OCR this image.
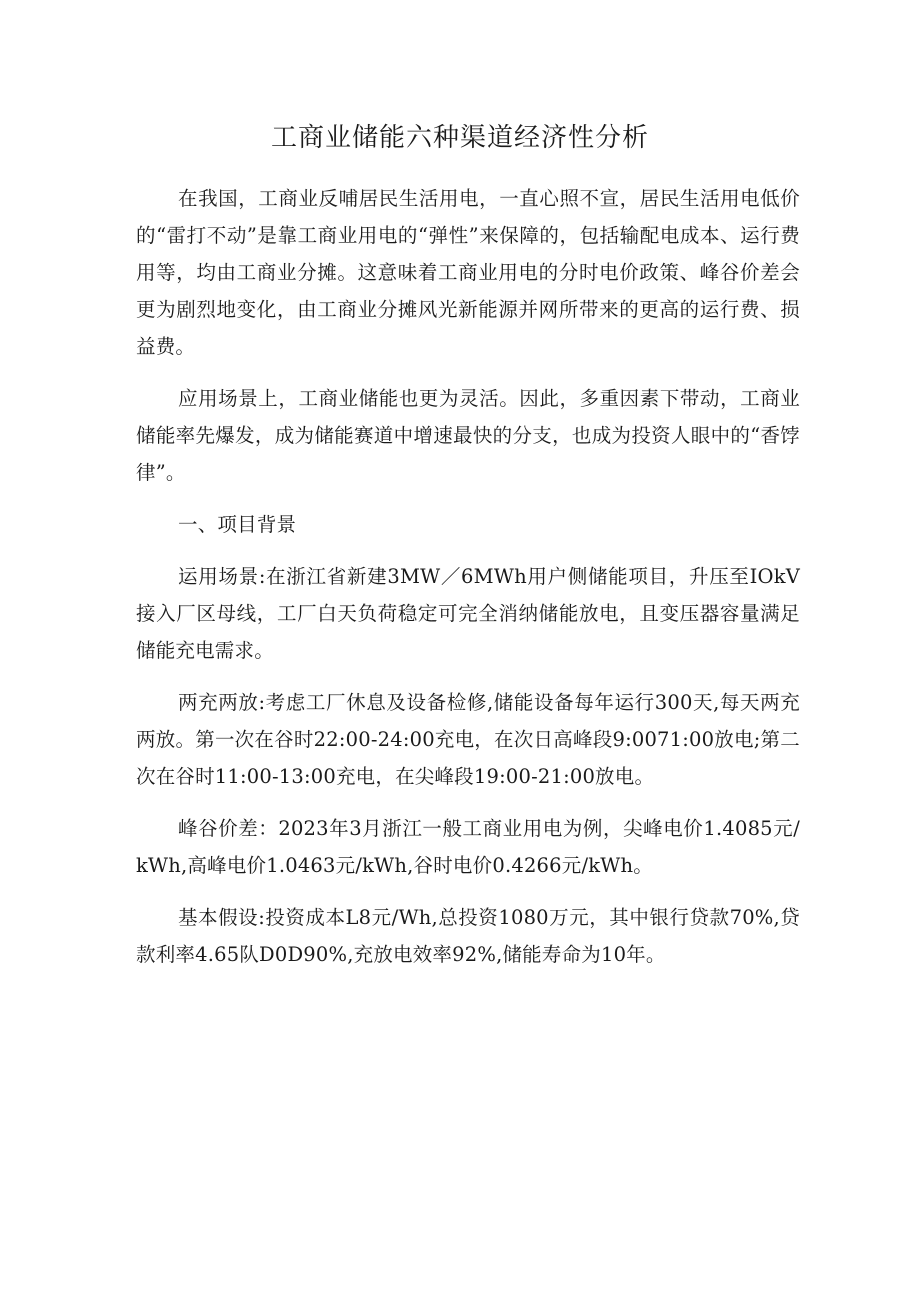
工商业储能六种渠道经济性分析

在我国，工商业反哺居民生活用电，一直心照不宣，居民生活用电低价的“雷打不动”是靠工商业用电的“弹性”来保障的，包括输配电成本、运行费用等，均由工商业分摊。这意味着工商业用电的分时电价政策、峰谷价差会更为剧烈地变化，由工商业分摊风光新能源并网所带来的更高的运行费、损益费。

应用场景上，工商业储能也更为灵活。因此，多重因素下带动，工商业储能率先爆发，成为储能赛道中增速最快的分支，也成为投资人眼中的“香饽律”。

一、项目背景

运用场景:在浙江省新建3MW／6MWh用户侧储能项目，升压至IOkV接入厂区母线，工厂白天负荷稳定可完全消纳储能放电，且变压器容量满足储能充电需求。

两充两放:考虑工厂休息及设备检修,储能设备每年运行300天,每天两充两放。第一次在谷时22:00-24:00充电，在次日高峰段9:0071:00放电;第二次在谷时11:00-13:00充电，在尖峰段19:00-21:00放电。

峰谷价差：2023年3月浙江一般工商业用电为例，尖峰电价1.4085元/kWh,高峰电价1.0463元/kWh,谷时电价0.4266元/kWh。

基本假设:投资成本L8元/Wh,总投资1080万元，其中银行贷款70%,贷款利率4.65队D0D90%,充放电效率92%,储能寿命为10年。
